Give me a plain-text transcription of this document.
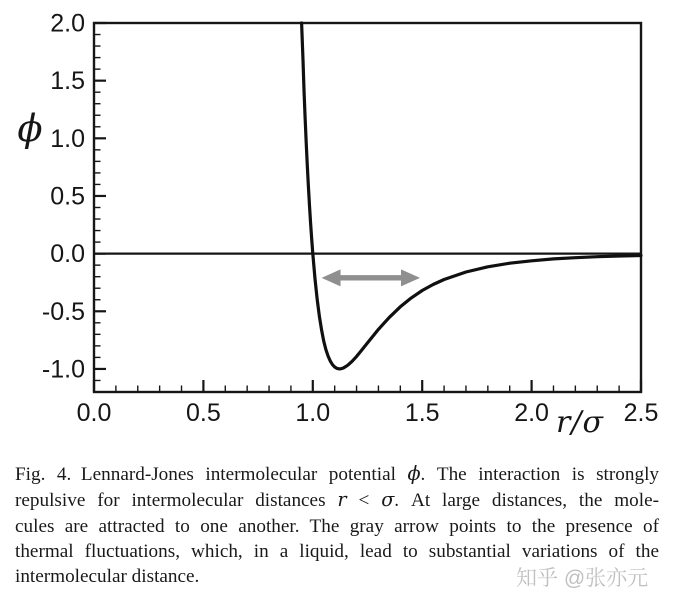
0.0	0.5	1.0	1.5	2.0	2.5
-1.0
-0.5
0.0
0.5
1.0
1.5
2.0
ϕ
r/σ
Fig. 4. Lennard-Jones intermolecular potential ϕ. The interaction is strongly
repulsive for intermolecular distances r < σ. At large distances, the mole-
cules are attracted to one another. The gray arrow points to the presence of
thermal fluctuations, which, in a liquid, lead to substantial variations of the
intermolecular distance.	知乎 @张亦元
